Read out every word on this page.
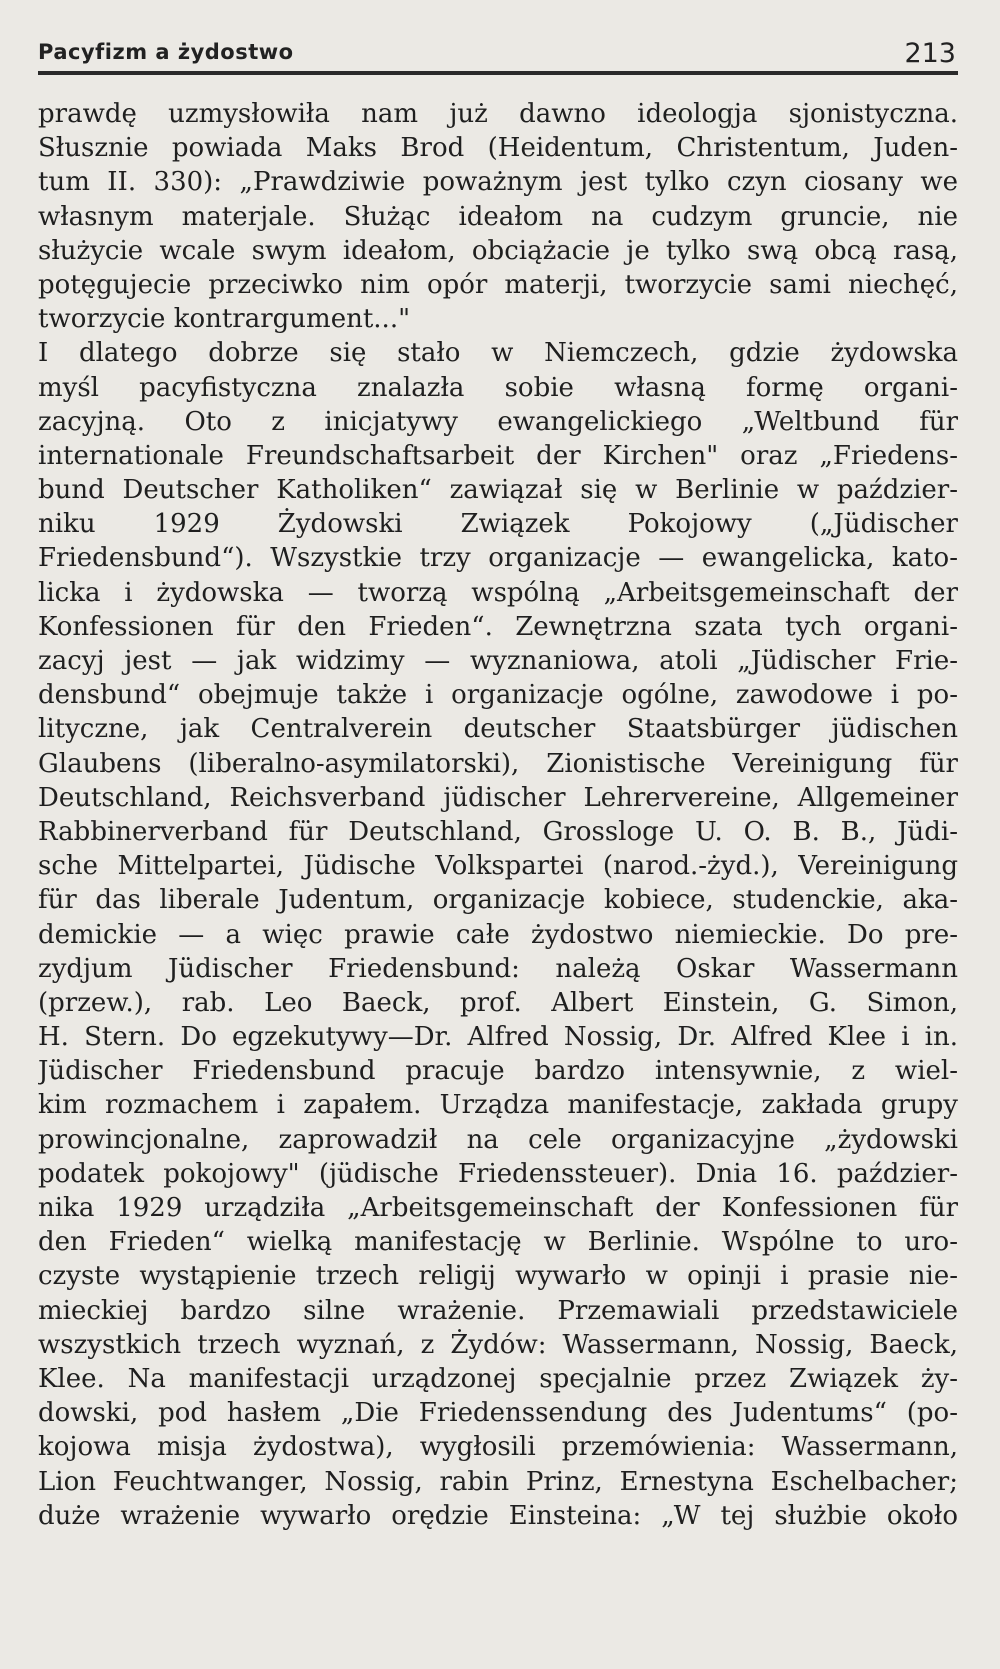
Pacyfizm a żydostwo	213
prawdę uzmysłowiła nam już dawno ideologja sjonistyczna.
Słusznie powiada Maks Brod (Heidentum, Christentum, Juden-
tum II. 330): „Prawdziwie poważnym jest tylko czyn ciosany we
własnym materjale. Służąc ideałom na cudzym gruncie, nie
służycie wcale swym ideałom, obciążacie je tylko swą obcą rasą,
potęgujecie przeciwko nim opór materji, tworzycie sami niechęć,
tworzycie kontrargument..."
I dlatego dobrze się stało w Niemczech, gdzie żydowska
myśl pacyfistyczna znalazła sobie własną formę organi-
zacyjną. Oto z inicjatywy ewangelickiego „Weltbund für
internationale Freundschaftsarbeit der Kirchen" oraz „Friedens-
bund Deutscher Katholiken“ zawiązał się w Berlinie w paździer-
niku 1929 Żydowski Związek Pokojowy („Jüdischer
Friedensbund“). Wszystkie trzy organizacje — ewangelicka, kato-
licka i żydowska — tworzą wspólną „Arbeitsgemeinschaft der
Konfessionen für den Frieden“. Zewnętrzna szata tych organi-
zacyj jest — jak widzimy — wyznaniowa, atoli „Jüdischer Frie-
densbund“ obejmuje także i organizacje ogólne, zawodowe i po-
lityczne, jak Centralverein deutscher Staatsbürger jüdischen
Glaubens (liberalno-asymilatorski), Zionistische Vereinigung für
Deutschland, Reichsverband jüdischer Lehrervereine, Allgemeiner
Rabbinerverband für Deutschland, Grossloge U. O. B. B., Jüdi-
sche Mittelpartei, Jüdische Volkspartei (narod.-żyd.), Vereinigung
für das liberale Judentum, organizacje kobiece, studenckie, aka-
demickie — a więc prawie całe żydostwo niemieckie. Do pre-
zydjum Jüdischer Friedensbund: należą Oskar Wassermann
(przew.), rab. Leo Baeck, prof. Albert Einstein, G. Simon,
H. Stern. Do egzekutywy—Dr. Alfred Nossig, Dr. Alfred Klee i in.
Jüdischer Friedensbund pracuje bardzo intensywnie, z wiel-
kim rozmachem i zapałem. Urządza manifestacje, zakłada grupy
prowincjonalne, zaprowadził na cele organizacyjne „żydowski
podatek pokojowy" (jüdische Friedenssteuer). Dnia 16. paździer-
nika 1929 urządziła „Arbeitsgemeinschaft der Konfessionen für
den Frieden“ wielką manifestację w Berlinie. Wspólne to uro-
czyste wystąpienie trzech religij wywarło w opinji i prasie nie-
mieckiej bardzo silne wrażenie. Przemawiali przedstawiciele
wszystkich trzech wyznań, z Żydów: Wassermann, Nossig, Baeck,
Klee. Na manifestacji urządzonej specjalnie przez Związek ży-
dowski, pod hasłem „Die Friedenssendung des Judentums“ (po-
kojowa misja żydostwa), wygłosili przemówienia: Wassermann,
Lion Feuchtwanger, Nossig, rabin Prinz, Ernestyna Eschelbacher;
duże wrażenie wywarło orędzie Einsteina: „W tej służbie około
